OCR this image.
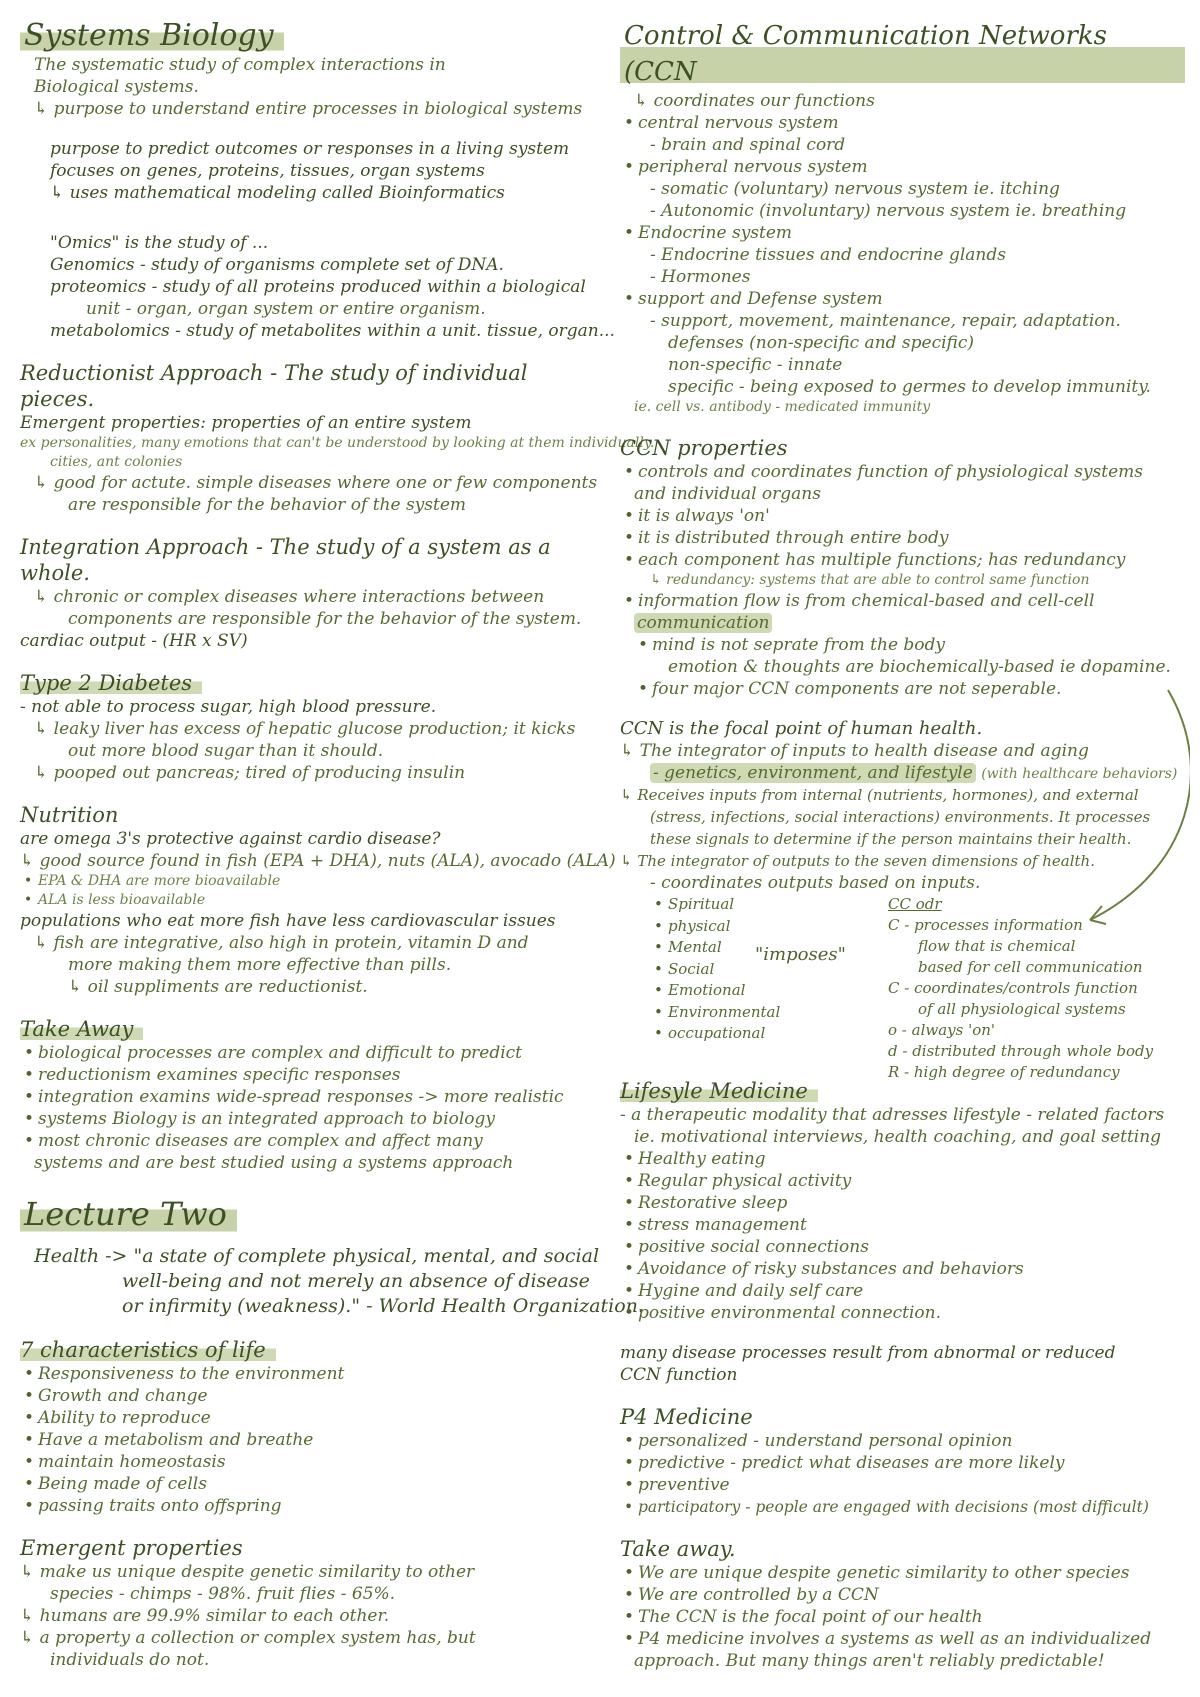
Systems Biology
The systematic study of complex interactions in
Biological systems.
↳ purpose to understand entire processes in biological systems
purpose to predict outcomes or responses in a living system
focuses on genes, proteins, tissues, organ systems
↳ uses mathematical modeling called Bioinformatics
"Omics" is the study of ...
Genomics - study of organisms complete set of DNA.
proteomics - study of all proteins produced within a biological
unit - organ, organ system or entire organism.
metabolomics - study of metabolites within a unit. tissue, organ...
Reductionist Approach - The study of individual pieces.
Emergent properties: properties of an entire system
ex personalities, many emotions that can't be understood by looking at them individually.
cities, ant colonies
↳ good for actute. simple diseases where one or few components
are responsible for the behavior of the system
Integration Approach - The study of a system as a whole.
↳ chronic or complex diseases where interactions between
components are responsible for the behavior of the system.
cardiac output - (HR x SV)
Type 2 Diabetes
- not able to process sugar, high blood pressure.
↳ leaky liver has excess of hepatic glucose production; it kicks
out more blood sugar than it should.
↳ pooped out pancreas; tired of producing insulin
Nutrition
are omega 3's protective against cardio disease?
↳ good source found in fish (EPA + DHA), nuts (ALA), avocado (ALA)
• EPA & DHA are more bioavailable
• ALA is less bioavailable
populations who eat more fish have less cardiovascular issues
↳ fish are integrative, also high in protein, vitamin D and
more making them more effective than pills.
↳ oil suppliments are reductionist.
Take Away
• biological processes are complex and difficult to predict
• reductionism examines specific responses
• integration examins wide-spread responses -> more realistic
• systems Biology is an integrated approach to biology
• most chronic diseases are complex and affect many
systems and are best studied using a systems approach
Lecture Two
Health -> "a state of complete physical, mental, and social
well-being and not merely an absence of disease
or infirmity (weakness)." - World Health Organization.
7 characteristics of life
• Responsiveness to the environment
• Growth and change
• Ability to reproduce
• Have a metabolism and breathe
• maintain homeostasis
• Being made of cells
• passing traits onto offspring
Emergent properties
↳ make us unique despite genetic similarity to other
species - chimps - 98%. fruit flies - 65%.
↳ humans are 99.9% similar to each other.
↳ a property a collection or complex system has, but
individuals do not.
Control & Communication Networks (CCN
↳ coordinates our functions
• central nervous system
- brain and spinal cord
• peripheral nervous system
- somatic (voluntary) nervous system ie. itching
- Autonomic (involuntary) nervous system ie. breathing
• Endocrine system
- Endocrine tissues and endocrine glands
- Hormones
• support and Defense system
- support, movement, maintenance, repair, adaptation.
defenses (non-specific and specific)
non-specific - innate
specific - being exposed to germes to develop immunity.
ie. cell vs. antibody - medicated immunity
CCN properties
• controls and coordinates function of physiological systems
and individual organs
• it is always 'on'
• it is distributed through entire body
• each component has multiple functions; has redundancy
↳ redundancy: systems that are able to control same function
• information flow is from chemical-based and cell-cell
communication
• mind is not seprate from the body
emotion & thoughts are biochemically-based ie dopamine.
• four major CCN components are not seperable.
CCN is the focal point of human health.
↳ The integrator of inputs to health disease and aging
- genetics, environment, and lifestyle (with healthcare behaviors)
↳ Receives inputs from internal (nutrients, hormones), and external
(stress, infections, social interactions) environments. It processes
these signals to determine if the person maintains their health.
↳ The integrator of outputs to the seven dimensions of health.
- coordinates outputs based on inputs.
• Spiritual
• physical
• Mental
• Social
• Emotional
• Environmental
• occupational
"imposes"
CC odr
C - processes information
flow that is chemical
based for cell communication
C - coordinates/controls function
of all physiological systems
o - always 'on'
d - distributed through whole body
R - high degree of redundancy
Lifesyle Medicine
- a therapeutic modality that adresses lifestyle - related factors
ie. motivational interviews, health coaching, and goal setting
• Healthy eating
• Regular physical activity
• Restorative sleep
• stress management
• positive social connections
• Avoidance of risky substances and behaviors
• Hygine and daily self care
• positive environmental connection.
many disease processes result from abnormal or reduced
CCN function
P4 Medicine
• personalized - understand personal opinion
• predictive - predict what diseases are more likely
• preventive
• participatory - people are engaged with decisions (most difficult)
Take away.
• We are unique despite genetic similarity to other species
• We are controlled by a CCN
• The CCN is the focal point of our health
• P4 medicine involves a systems as well as an individualized
approach. But many things aren't reliably predictable!
